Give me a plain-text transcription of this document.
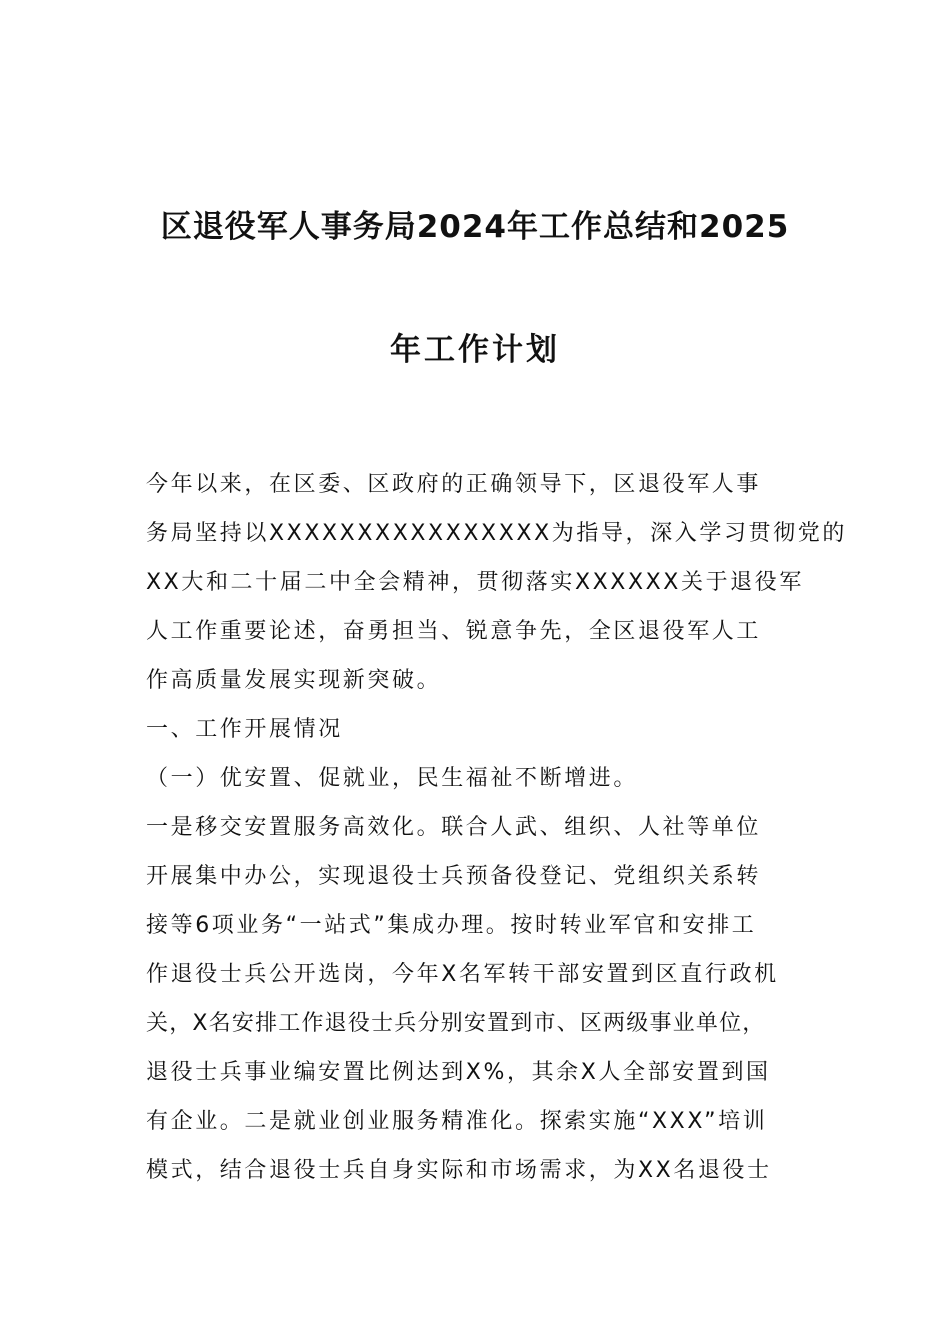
区退役军人事务局2024年工作总结和2025
年工作计划
今年以来，在区委、区政府的正确领导下，区退役军人事
务局坚持以XXXXXXXXXXXXXXXX为指导，深入学习贯彻党的
XX大和二十届二中全会精神，贯彻落实XXXXXX关于退役军
人工作重要论述，奋勇担当、锐意争先，全区退役军人工
作高质量发展实现新突破。
一、工作开展情况
（一）优安置、促就业，民生福祉不断增进。
一是移交安置服务高效化。联合人武、组织、人社等单位
开展集中办公，实现退役士兵预备役登记、党组织关系转
接等6项业务“一站式”集成办理。按时转业军官和安排工
作退役士兵公开选岗，今年X名军转干部安置到区直行政机
关，X名安排工作退役士兵分别安置到市、区两级事业单位，
退役士兵事业编安置比例达到X%，其余X人全部安置到国
有企业。二是就业创业服务精准化。探索实施“XXX”培训
模式，结合退役士兵自身实际和市场需求，为XX名退役士
